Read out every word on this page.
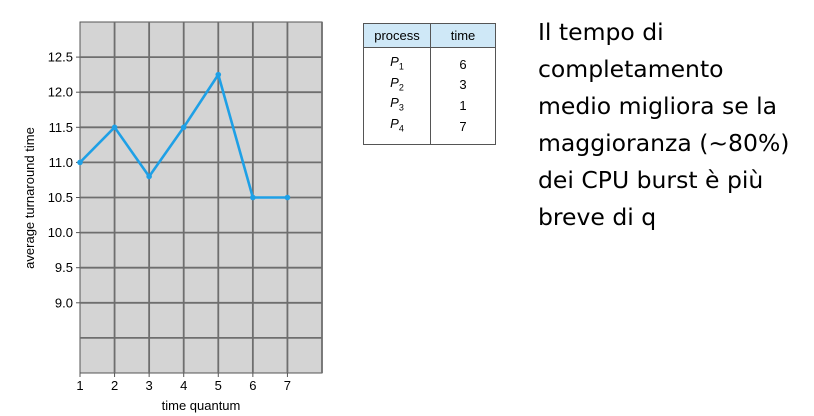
1 2 3 4 5 6 7
9.0
9.5
10.0
10.5
11.0
11.5
12.0
12.5
time quantum
average turnaround time
process	time
$P_1$	6
$P_2$	3
$P_3$	1
$P_4$	7
Il tempo di
completamento
medio migliora se la
maggioranza (~80%)
dei CPU burst è più
breve di q
